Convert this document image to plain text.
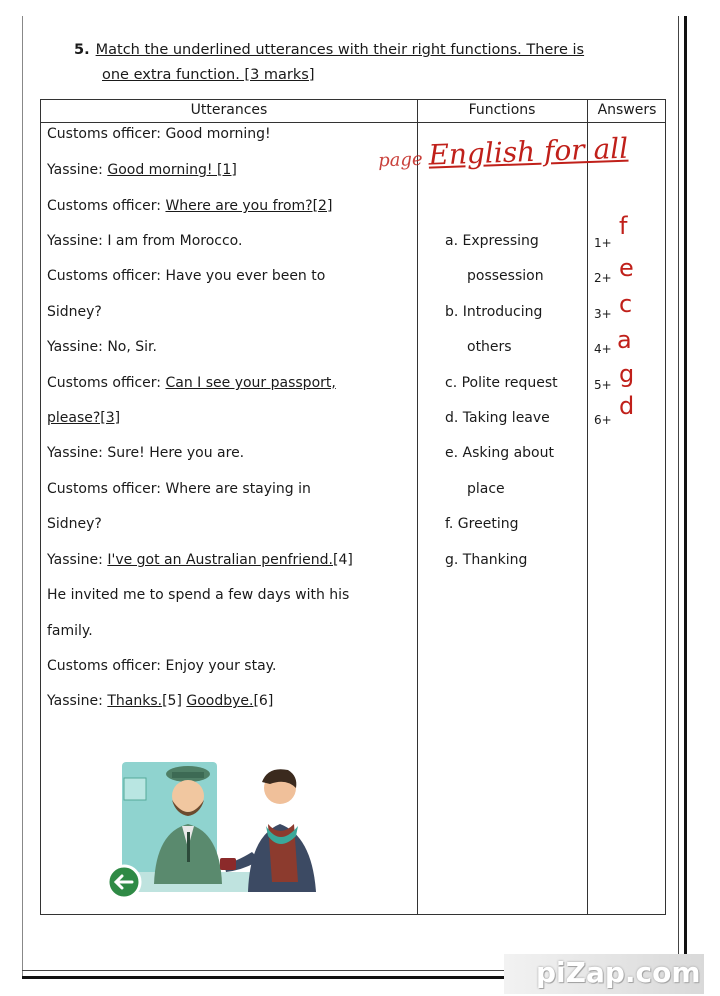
5. Match the underlined utterances with their right functions. There is
one extra function. [3 marks]
Utterances	Functions	Answers
Customs officer: Good morning!
Yassine: Good morning! [1]
Customs officer: Where are you from?[2]
Yassine: I am from Morocco.
Customs officer: Have you ever been to
Sidney?
Yassine: No, Sir.
Customs officer: Can I see your passport,
please?[3]
Yassine: Sure! Here you are.
Customs officer: Where are staying in
Sidney?
Yassine: I've got an Australian penfriend.[4]
He invited me to spend a few days with his
family.
Customs officer: Enjoy your stay.
Yassine: Thanks.[5] Goodbye.[6]
a. Expressing
possession
b. Introducing
others
c. Polite request
d. Taking leave
e. Asking about
place
f. Greeting
g. Thanking
1+
f
2+ e
3+ c
4+ a
5+ g
6+ d
page English for all
piZap.com
